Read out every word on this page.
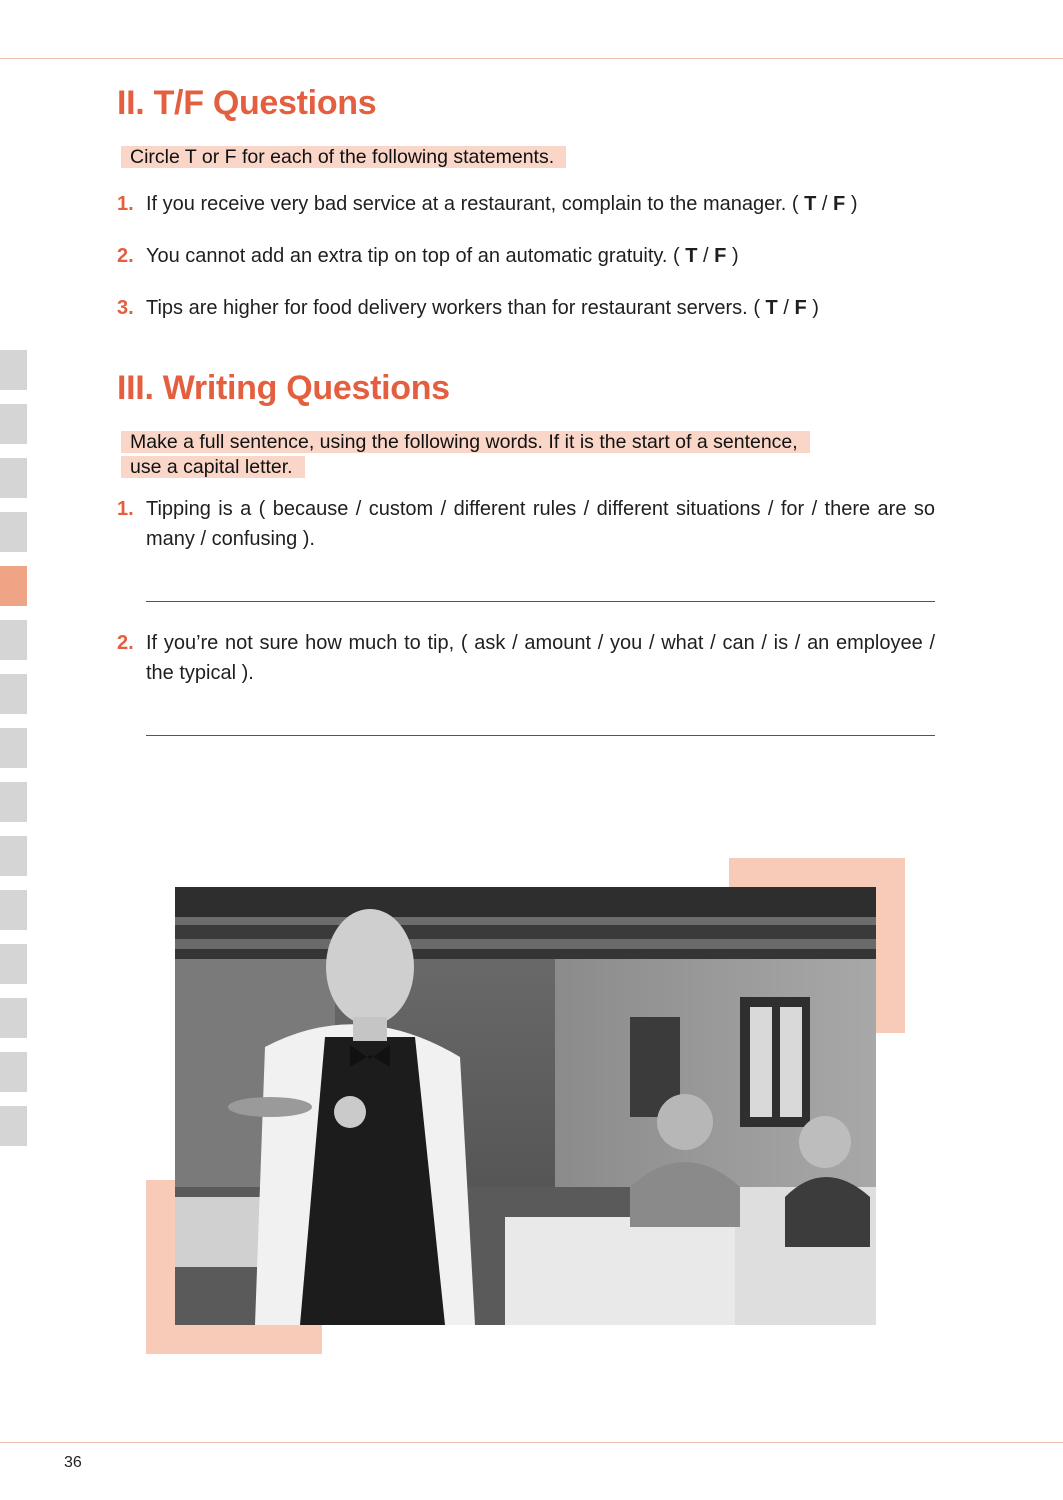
II. T/F Questions
Circle T or F for each of the following statements.
1. If you receive very bad service at a restaurant, complain to the manager. ( T / F )
2. You cannot add an extra tip on top of an automatic gratuity. ( T / F )
3. Tips are higher for food delivery workers than for restaurant servers. ( T / F )
III. Writing Questions
Make a full sentence, using the following words. If it is the start of a sentence,
use a capital letter.
1. Tipping is a ( because / custom / different rules / different situations / for / there are so many / confusing ).
2. If you’re not sure how much to tip, ( ask / amount / you / what / can / is / an employee / the typical ).
36
